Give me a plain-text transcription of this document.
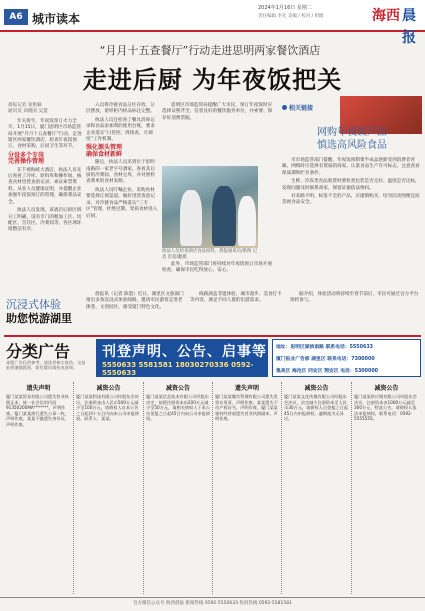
A6 城市读本
2024年1月16日 星期二
责任编辑 李先 美编 / 校对 / 组版	海西 晨报
“月月十五查餐厅”行动走进思明两家餐饮酒店
走进后厨 为年夜饭把关
晨报记者 张艳颖
通讯员 刘晓国 吴慧

年关将至，年夜饭预订火力全开。1月15日，厦门思明区市场监管局开展“月月十五查餐厅”行动，走进辖区两家餐饮酒店，检查年夜饭预订、食材采购、后厨卫生等环节。

分设多个专岗
完善操作管理

在千禧海峡大酒店，执法人员先后查看了冷库、原料库和操作间，核查食材进货查验记录、索证索票资料、从业人员健康证明，并提醒企业加强年夜饭预订的管理，确保菜品安全。

执法人员发现，该酒店后厨区域分工明确，设有专门的粗加工区、切配区、烹饪区、冷菜间等，各区域环境整洁有序。

入员将冷链食品分区存放、分层摆放，留样柜内样品标注完整。

执法人员还检查了餐具消毒记录和食品添加剂的使用台账，要求企业落实“日管控、周排查、月调度”工作机制。

强化源头管理
确保食材新鲜

随后，执法人员来到位于思明南路的一家老字号酒家，查看其后厨的冷菜间、食材仓库，并对照检查菜单的食材来源。

执法人员叮嘱企业，采购食材要选择正规渠道，做好进货查验记录，对冷链食品严格落实“三专区”管理，杜绝过期、变质食材进入后厨。

思明区市场监管局提醒广大市民，预订年夜饭时应选择证照齐全、信誉良好的餐饮服务单位，并索要、保存好消费票据。

执法人员检查酒店食品原料。晨报通讯员/供图 记者 彭超/翻摄

此外，市场监管部门将持续对年夜饭预订市场开展检查，确保市民吃得放心、安心。

相关链接
网购年夜饭产品
慎选高风险食品

市市场监管部门提醒，年夜饭预制菜半成品逐渐受到消费者青睐，网购时应选择有资质的商家，认准食品生产许可标志，注意查看保质期和贮存条件。

生鲜、冷冻类食品收货时要检查包装是否完好、温度是否达标，发现问题及时联系商家，保留证据依法维权。

对来路不明、标签不全的产品，应谨慎购买，切勿因贪图便宜而忽视食品安全。

沉浸式体验
助您悦游湖里

晨报讯（记者 陈墨）近日，湖里区文旅部门推出多条沉浸式体验线路，邀请市民游客走进老街巷、文创园区，感受厦门特色文化。

线路涵盖非遗体验、城市漫步、美食打卡等内容，满足不同人群的出游需求。

据介绍，体验活动将持续至春节前后，市民可通过官方平台预约参与。

分类广告
本版广告仅供参考，请读者核实真伪，交易前须谨慎甄别，如有疑问请致电查询。
刊登声明、公告、启事等
5550633 5581581 18030270336 0592-5550633
地址：思明区湖滨南路 联系电话：5550633
厦门报业广告部 湖里区 联系电话：7300000
集美区 海沧区 同安区 翔安区 电话：5300000
遗失声明
厦门某某贸易有限公司遗失营业执照正本，统一社会信用代码91350200MA*******，声明作废。厦门某某商行遗失公章一枚，声明作废。某某不慎遗失身份证，声明作废。
减资公告
厦门某某科技有限公司经股东会决议，注册资本由人民币500万元减少至100万元，请债权人自本公告之日起四十五日内向本公司申报债权。联系人：某某。
减资公告
厦门某某信息技术有限公司经股东决定，拟将注册资本由200万元减少至50万元，请相关债权人于本公告见报之日起45日内向公司申报债权。
遗失声明
厦门某某餐饮管理有限公司遗失发票专用章，声明作废。某某遗失不动产权证书，声明作废。厦门某某建材经营部遗失营业执照副本，声明作废。
减资公告
厦门某某文化传媒有限公司经股东会决议，决定减少注册资本至人民币30万元，请债权人自登报之日起45日内申报债权，逾期视为无异议。
减资公告
厦门某某供应链有限公司经股东会决议，注册资本由1000万元减至300万元，特此公告。请债权人依法申报债权，联系电话：0592-5555555。
官方微信公众号 海西晨报 新闻热线 0592-5550633 投诉热线 0592-5581581
